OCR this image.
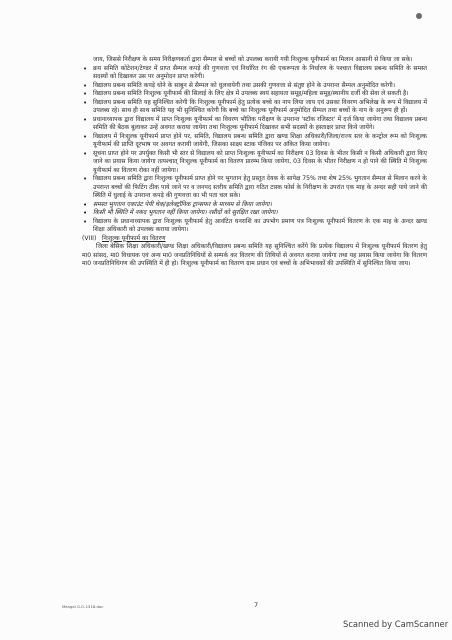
जाय, जिससे निरीक्षण के समय निरीक्षणकर्ता द्वारा सैम्पल से बच्चों को उपलब्ध करायी गयी निःशुल्क यूनीफार्म का मिलान आसानी से किया जा सके।

• क्रय समिति कोटेशन/टेण्डर में प्राप्त सैम्पल कपड़े की गुणवत्ता एवं निर्धारित रंग की एकरूपता के निर्धारण के पश्चात विद्यालय प्रबन्ध समिति के समस्त सदस्यों को दिखाकर उस पर अनुमोदन प्राप्त करेगी।
• विद्यालय प्रबन्ध समिति कपड़े धोने के साबुन से सैम्पल को धुलवायेगी तथा उसकी गुणवत्ता से संतुष्ट होने के उपरान्त सैम्पल अनुमोदित करेगी।
• विद्यालय प्रबन्ध समिति निःशुल्क यूनीफार्म की सिलाई के लिए क्षेत्र में उपलब्ध स्वयं सहायता समूह/महिला समूह/स्थानीय दर्जी की सेवा ले सकती है।
• विद्यालय प्रबन्ध समिति यह सुनिश्चित करेगी कि निःशुल्क यूनीफार्म हेतु प्रत्येक बच्चे का नाप लिया जाय एवं उसका विवरण अभिलेख के रूप में विद्यालय में उपलब्ध रहे। साथ ही साथ समिति यह भी सुनिश्चित करेगी कि बच्चे का निःशुल्क यूनीफार्म अनुमोदित सैम्पल तथा बच्चों के नाप के अनुरूप ही हों।
• प्रधानाध्यापक द्वारा विद्यालय में प्राप्त निःशुल्क यूनीफार्म का विवरण भौतिक परीक्षण के उपरान्त 'स्टॉक रजिस्टर' में दर्ज किया जायेगा तथा विद्यालय प्रबन्ध समिति की बैठक बुलाकर उन्हें अवगत कराया जायेगा तथा निःशुल्क यूनीफार्म दिखाकर सभी सदस्यों के हस्ताक्षर प्राप्त किये जायेंगे।
• विद्यालय में निःशुल्क यूनीफार्म प्राप्त होने पर, समिति, विद्यालय प्रबन्ध समिति द्वारा खण्ड शिक्षा अधिकारी/जिला/राज्य स्तर के कन्ट्रोल रूम को निःशुल्क यूनीफार्म की प्राप्ति दूरभाष पर अवगत करायी जायेगी, जिसका साक्ष्य स्टाक पंजिका पर अंकित किया जायेगा।
• सूचना प्राप्त होने पर उपर्युक्त किसी भी स्तर से विद्यालय को प्राप्त निःशुल्क यूनीफार्म का निरीक्षण 03 दिवस के भीतर किसी न किसी अधिकारी द्वारा किए जाने का प्रयास किया जायेगा तत्पश्चात् निःशुल्क यूनीफार्म का वितरण प्रारम्भ किया जायेगा, 03 दिवस के भीतर निरीक्षण न हो पाने की स्थिति में निःशुल्क यूनीफार्म का वितरण रोका नहीं जायेगा।
• विद्यालय प्रबन्ध समिति द्वारा निःशुल्क यूनीफार्म प्राप्त होने पर भुगतान हेतु प्रस्तुत देयक के सापेक्ष 75% तथा शेष 25% भुगतान सैम्पल से मिलान करने के उपरान्त बच्चों की फिटिंग ठीक पाये जाने पर व जनपद स्तरीय समिति द्वारा गठित टास्क फोर्स के निरीक्षण के उपरांत एक माह के अन्दर सही पाये जाने की स्थिति में धुलाई के उपरान्त कपड़े की गुणवत्ता का भी पता चल सके।
• समस्त भुगतान एकाउंट पेयी चेक/इलेक्ट्रॉनिक ट्रान्सफर के माध्यम से किया जायेगा।
• किसी भी स्थिति में नकद भुगतान नहीं किया जायेगा। रसीदों को सुरक्षित रखा जायेगा।
• विद्यालय के प्रधानाध्यापक द्वारा निःशुल्क यूनीफार्म हेतु आवंटित धनराशि का उपभोग प्रमाण पत्र निःशुल्क यूनीफार्म वितरण के एक माह के अन्दर खण्ड शिक्षा अधिकारी को उपलब्ध कराया जायेगा।

(VIII) निःशुल्क यूनीफार्म का वितरण

जिला बेसिक शिक्षा अधिकारी/खण्ड शिक्षा अधिकारी/विद्यालय प्रबन्ध समिति यह सुनिश्चित करेंगे कि प्रत्येक विद्यालय में निःशुल्क यूनीफार्म वितरण हेतु मा0 सांसद, मा0 विधायक एवं अन्य मा0 जनप्रतिनिधियों से सम्पर्क कर वितरण की तिथियों से अवगत कराया जायेगा तथा यह प्रयास किया जायेगा कि वितरण मा0 जनप्रतिनिधिगण की उपस्थिति में ही हो। निःशुल्क यूनीफार्म का वितरण ग्राम प्रधान एवं बच्चों के अभिभावकों की उपस्थिति में सुनिश्चित किया जाय।

Mangal G.O-1518.doc	7
Scanned by CamScanner
